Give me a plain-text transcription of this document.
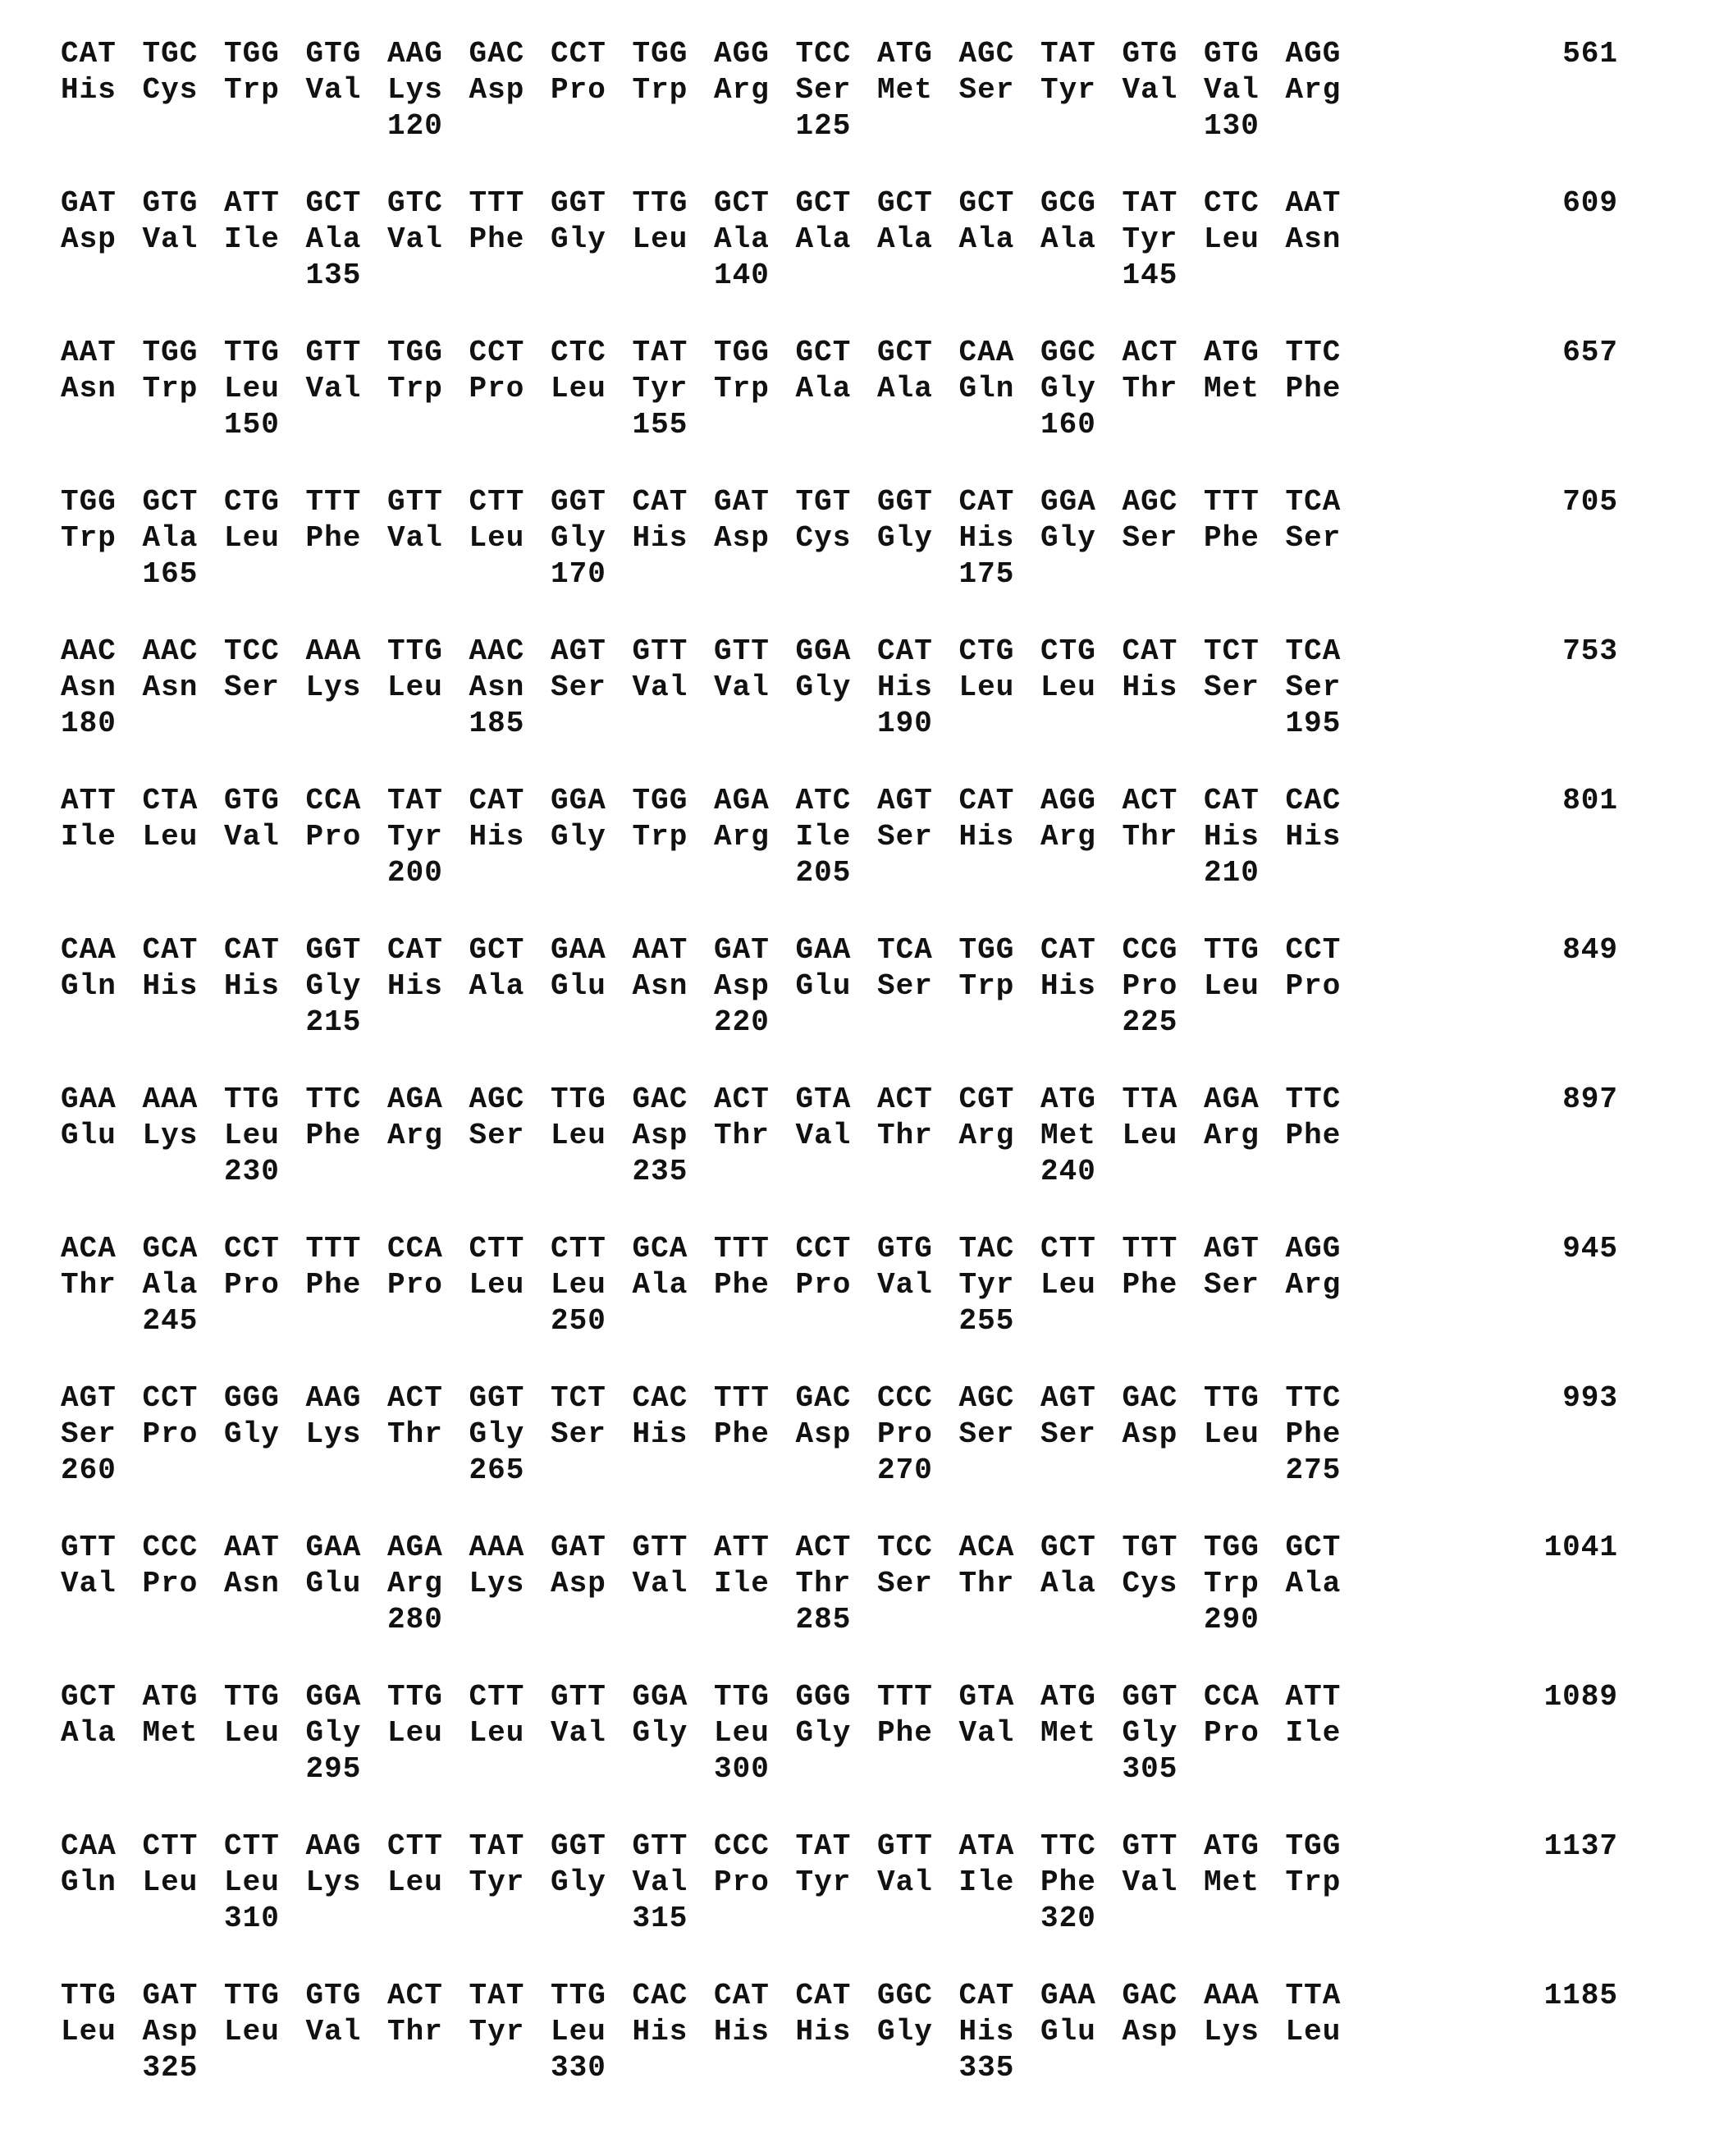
CAT TGC TGG GTG AAG GAC CCT TGG AGG TCC ATG AGC TAT GTG GTG AGG	561
His Cys Trp Val Lys Asp Pro Trp Arg Ser Met Ser Tyr Val Val Arg
120	125	130
GAT GTG ATT GCT GTC TTT GGT TTG GCT GCT GCT GCT GCG TAT CTC AAT	609
Asp Val Ile Ala Val Phe Gly Leu Ala Ala Ala Ala Ala Tyr Leu Asn
135	140	145
AAT TGG TTG GTT TGG CCT CTC TAT TGG GCT GCT CAA GGC ACT ATG TTC	657
Asn Trp Leu Val Trp Pro Leu Tyr Trp Ala Ala Gln Gly Thr Met Phe
150	155	160
TGG GCT CTG TTT GTT CTT GGT CAT GAT TGT GGT CAT GGA AGC TTT TCA	705
Trp Ala Leu Phe Val Leu Gly His Asp Cys Gly His Gly Ser Phe Ser
165	170	175
AAC AAC TCC AAA TTG AAC AGT GTT GTT GGA CAT CTG CTG CAT TCT TCA	753
Asn Asn Ser Lys Leu Asn Ser Val Val Gly His Leu Leu His Ser Ser
180	185	190	195
ATT CTA GTG CCA TAT CAT GGA TGG AGA ATC AGT CAT AGG ACT CAT CAC	801
Ile Leu Val Pro Tyr His Gly Trp Arg Ile Ser His Arg Thr His His
200	205	210
CAA CAT CAT GGT CAT GCT GAA AAT GAT GAA TCA TGG CAT CCG TTG CCT	849
Gln His His Gly His Ala Glu Asn Asp Glu Ser Trp His Pro Leu Pro
215	220	225
GAA AAA TTG TTC AGA AGC TTG GAC ACT GTA ACT CGT ATG TTA AGA TTC	897
Glu Lys Leu Phe Arg Ser Leu Asp Thr Val Thr Arg Met Leu Arg Phe
230	235	240
ACA GCA CCT TTT CCA CTT CTT GCA TTT CCT GTG TAC CTT TTT AGT AGG	945
Thr Ala Pro Phe Pro Leu Leu Ala Phe Pro Val Tyr Leu Phe Ser Arg
245	250	255
AGT CCT GGG AAG ACT GGT TCT CAC TTT GAC CCC AGC AGT GAC TTG TTC	993
Ser Pro Gly Lys Thr Gly Ser His Phe Asp Pro Ser Ser Asp Leu Phe
260	265	270	275
GTT CCC AAT GAA AGA AAA GAT GTT ATT ACT TCC ACA GCT TGT TGG GCT	1041
Val Pro Asn Glu Arg Lys Asp Val Ile Thr Ser Thr Ala Cys Trp Ala
280	285	290
GCT ATG TTG GGA TTG CTT GTT GGA TTG GGG TTT GTA ATG GGT CCA ATT	1089
Ala Met Leu Gly Leu Leu Val Gly Leu Gly Phe Val Met Gly Pro Ile
295	300	305
CAA CTT CTT AAG CTT TAT GGT GTT CCC TAT GTT ATA TTC GTT ATG TGG	1137
Gln Leu Leu Lys Leu Tyr Gly Val Pro Tyr Val Ile Phe Val Met Trp
310	315	320
TTG GAT TTG GTG ACT TAT TTG CAC CAT CAT GGC CAT GAA GAC AAA TTA	1185
Leu Asp Leu Val Thr Tyr Leu His His His Gly His Glu Asp Lys Leu
325	330	335
